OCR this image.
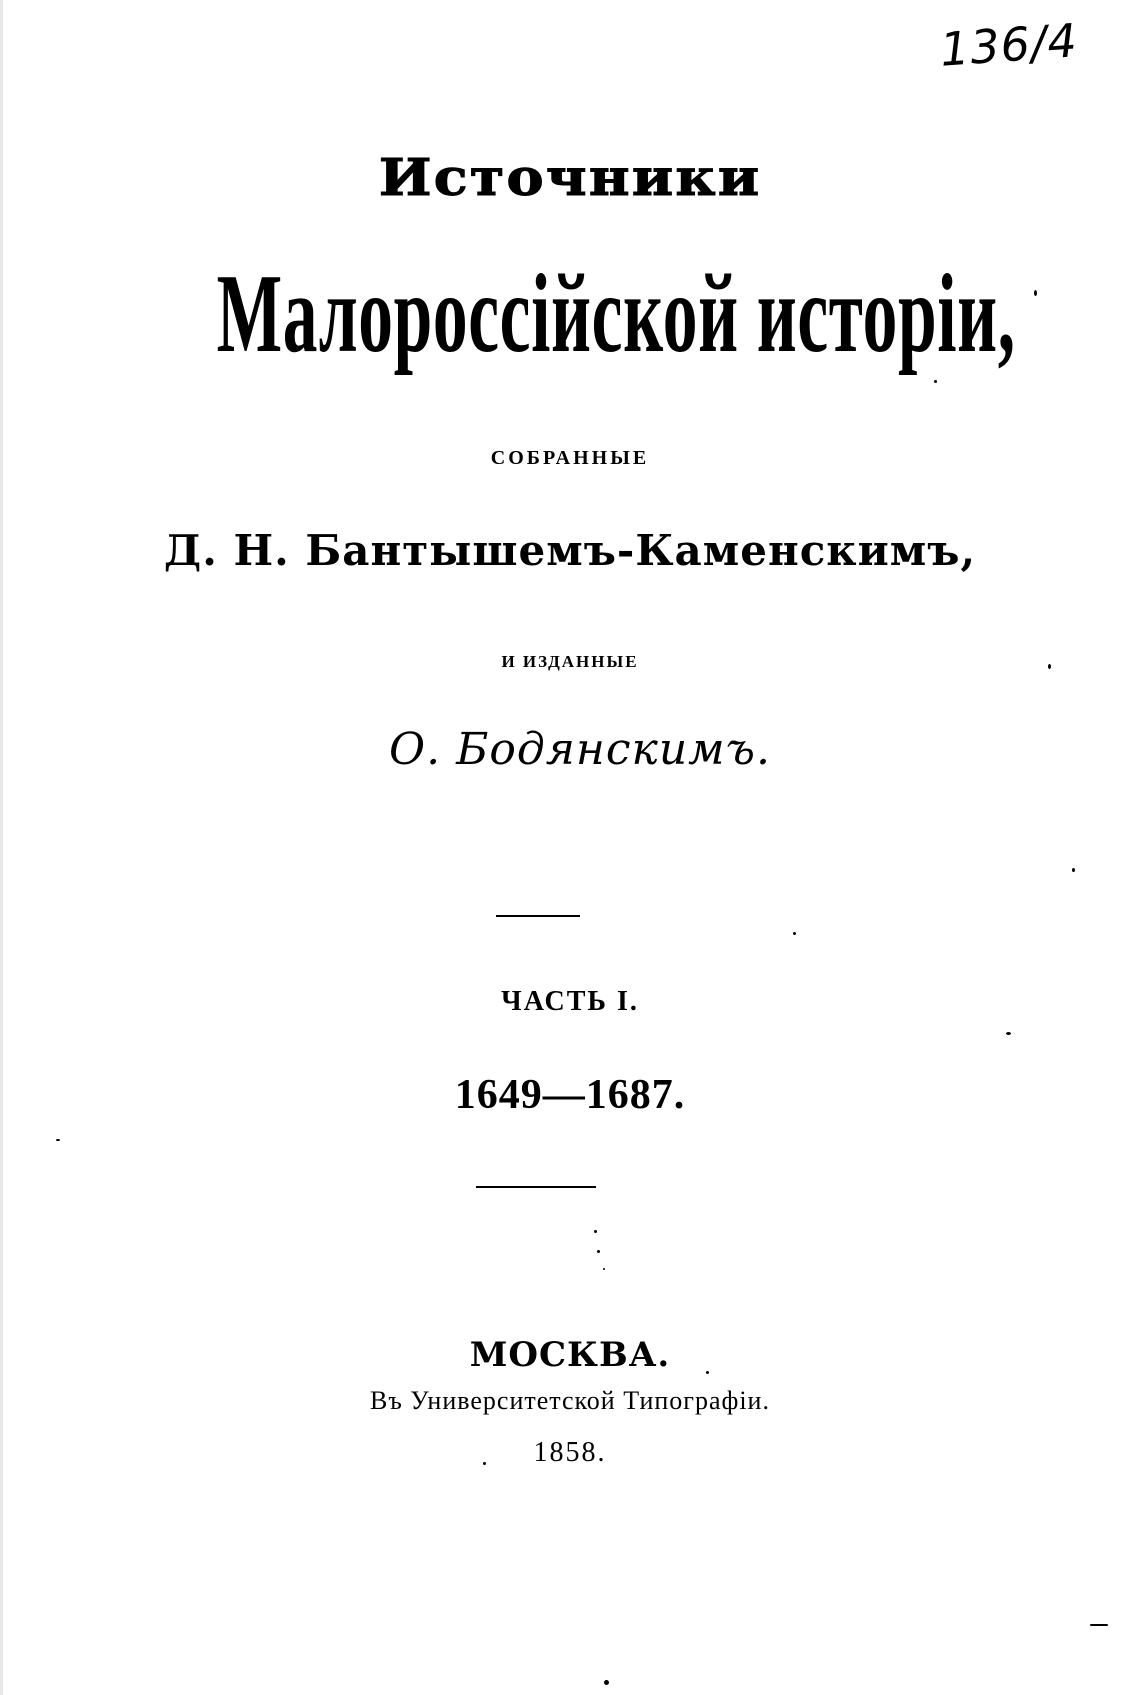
136/4
Источники
Малороссійской исторіи,
СОБРАННЫЕ
Д. Н. Бантышемъ-Каменскимъ,
И ИЗДАННЫЕ
О. Бодянскимъ.
ЧАСТЬ I.
1649—1687.
МОСКВА.
Въ Университетской Типографіи.
1858.
